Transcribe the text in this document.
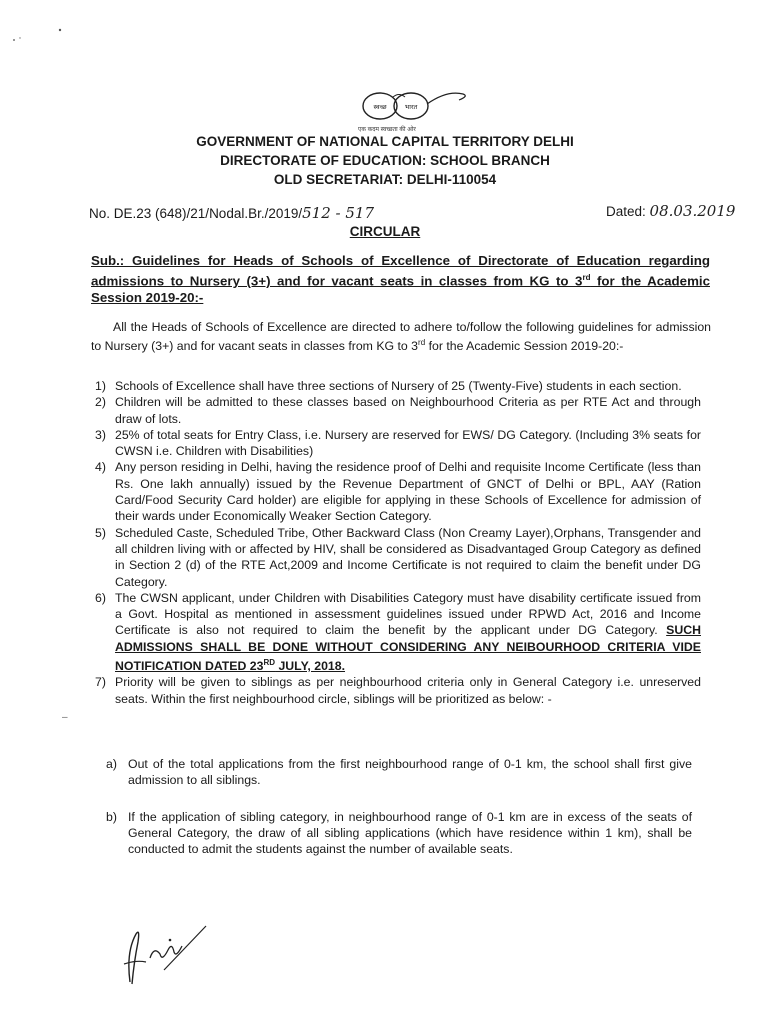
स्वच्छ	भारत
एक कदम स्वच्छता की ओर
GOVERNMENT OF NATIONAL CAPITAL TERRITORY DELHI
DIRECTORATE OF EDUCATION: SCHOOL BRANCH
OLD SECRETARIAT: DELHI-110054
No. DE.23 (648)/21/Nodal.Br./2019/512 - 517	Dated: 08.03.2019
CIRCULAR
Sub.: Guidelines for Heads of Schools of Excellence of Directorate of Education regarding admissions to Nursery (3+) and for vacant seats in classes from KG to 3rd for the Academic Session 2019-20:-
All the Heads of Schools of Excellence are directed to adhere to/follow the following guidelines for admission to Nursery (3+) and for vacant seats in classes from KG to 3rd for the Academic Session 2019-20:-
1) Schools of Excellence shall have three sections of Nursery of 25 (Twenty-Five) students in each section.
2) Children will be admitted to these classes based on Neighbourhood Criteria as per RTE Act and through draw of lots.
3) 25% of total seats for Entry Class, i.e. Nursery are reserved for EWS/ DG Category. (Including 3% seats for CWSN i.e. Children with Disabilities)
4) Any person residing in Delhi, having the residence proof of Delhi and requisite Income Certificate (less than Rs. One lakh annually) issued by the Revenue Department of GNCT of Delhi or BPL, AAY (Ration Card/Food Security Card holder) are eligible for applying in these Schools of Excellence for admission of their wards under Economically Weaker Section Category.
5) Scheduled Caste, Scheduled Tribe, Other Backward Class (Non Creamy Layer),Orphans, Transgender and all children living with or affected by HIV, shall be considered as Disadvantaged Group Category as defined in Section 2 (d) of the RTE Act,2009 and Income Certificate is not required to claim the benefit under DG Category.
6) The CWSN applicant, under Children with Disabilities Category must have disability certificate issued from a Govt. Hospital as mentioned in assessment guidelines issued under RPWD Act, 2016 and Income Certificate is also not required to claim the benefit by the applicant under DG Category. SUCH ADMISSIONS SHALL BE DONE WITHOUT CONSIDERING ANY NEIBOURHOOD CRITERIA VIDE NOTIFICATION DATED 23RD JULY, 2018.
7) Priority will be given to siblings as per neighbourhood criteria only in General Category i.e. unreserved seats. Within the first neighbourhood circle, siblings will be prioritized as below: -
–
a) Out of the total applications from the first neighbourhood range of 0-1 km, the school shall first give admission to all siblings.
b) If the application of sibling category, in neighbourhood range of 0-1 km are in excess of the seats of General Category, the draw of all sibling applications (which have residence within 1 km), shall be conducted to admit the students against the number of available seats.
